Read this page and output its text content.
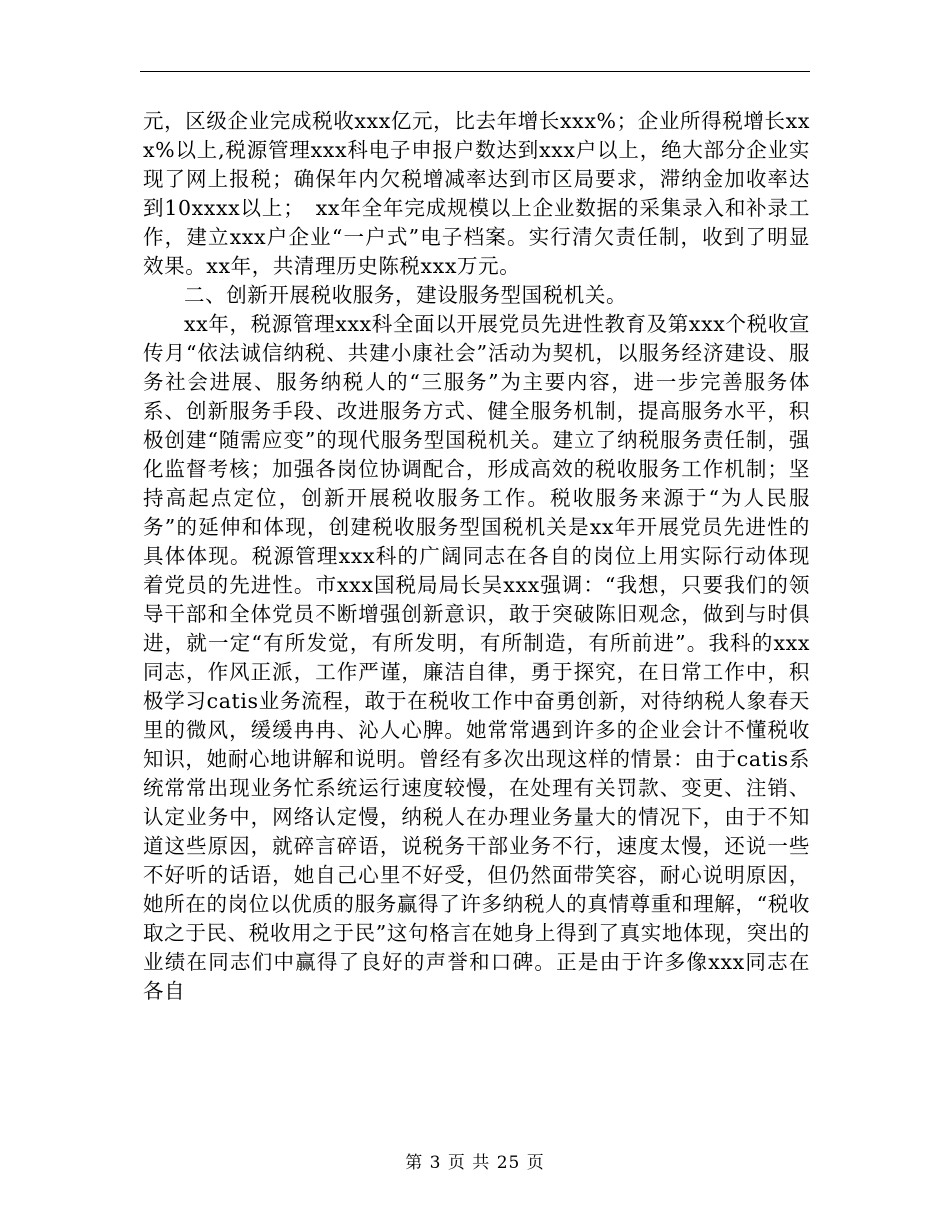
元，区级企业完成税收xxx亿元，比去年增长xxx%；企业所得税增长xxx%以上,税源管理xxx科电子申报户数达到xxx户以上，绝大部分企业实现了网上报税；确保年内欠税增减率达到市区局要求，滞纳金加收率达到10xxxx以上；　xx年全年完成规模以上企业数据的采集录入和补录工作，建立xxx户企业“一户式”电子档案。实行清欠责任制，收到了明显效果。xx年，共清理历史陈税xxx万元。

二、创新开展税收服务，建设服务型国税机关。

xx年，税源管理xxx科全面以开展党员先进性教育及第xxx个税收宣传月“依法诚信纳税、共建小康社会”活动为契机，以服务经济建设、服务社会进展、服务纳税人的“三服务”为主要内容，进一步完善服务体系、创新服务手段、改进服务方式、健全服务机制，提高服务水平，积极创建“随需应变”的现代服务型国税机关。建立了纳税服务责任制，强化监督考核；加强各岗位协调配合，形成高效的税收服务工作机制；坚持高起点定位，创新开展税收服务工作。税收服务来源于“为人民服务”的延伸和体现，创建税收服务型国税机关是xx年开展党员先进性的具体体现。税源管理xxx科的广阔同志在各自的岗位上用实际行动体现着党员的先进性。市xxx国税局局长吴xxx强调：“我想，只要我们的领导干部和全体党员不断增强创新意识，敢于突破陈旧观念，做到与时俱进，就一定“有所发觉，有所发明，有所制造，有所前进”。我科的xxx同志，作风正派，工作严谨，廉洁自律，勇于探究，在日常工作中，积极学习catis业务流程，敢于在税收工作中奋勇创新，对待纳税人象春天里的微风，缓缓冉冉、沁人心脾。她常常遇到许多的企业会计不懂税收知识，她耐心地讲解和说明。曾经有多次出现这样的情景：由于catis系统常常出现业务忙系统运行速度较慢，在处理有关罚款、变更、注销、认定业务中，网络认定慢，纳税人在办理业务量大的情况下，由于不知道这些原因，就碎言碎语，说税务干部业务不行，速度太慢，还说一些不好听的话语，她自己心里不好受，但仍然面带笑容，耐心说明原因，她所在的岗位以优质的服务赢得了许多纳税人的真情尊重和理解，“税收取之于民、税收用之于民”这句格言在她身上得到了真实地体现，突出的业绩在同志们中赢得了良好的声誉和口碑。正是由于许多像xxx同志在各自

第 3 页 共 25 页
